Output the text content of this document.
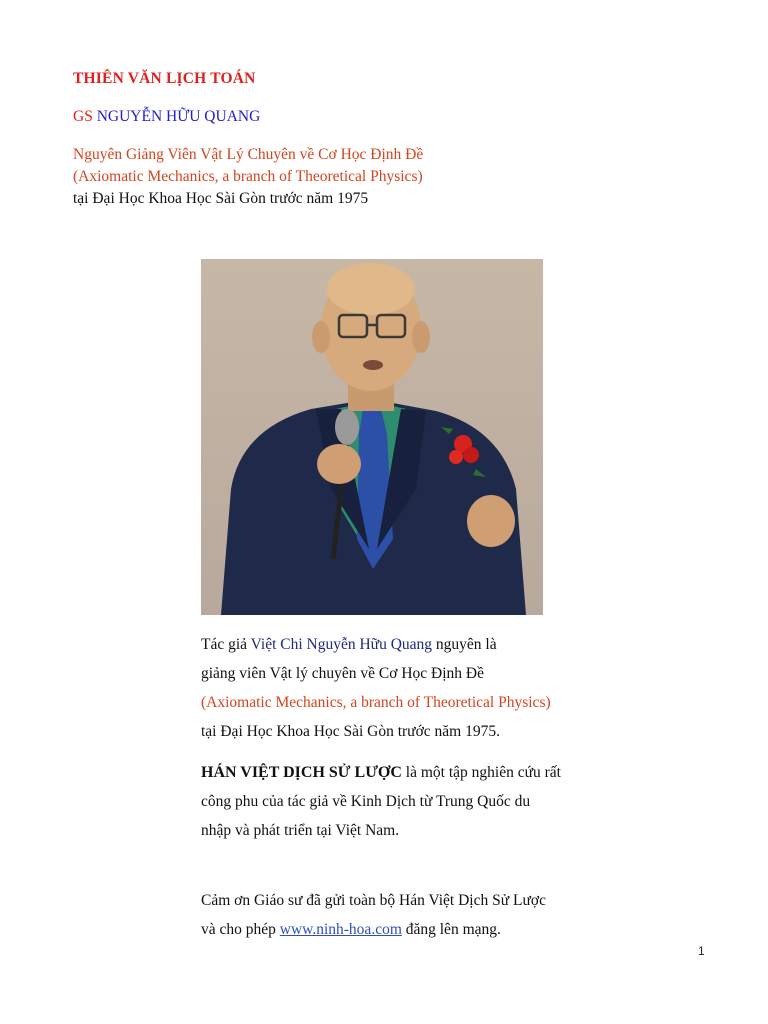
THIÊN VĂN LỊCH TOÁN

GS NGUYỄN HỮU QUANG

Nguyên Giảng Viên Vật Lý Chuyên về Cơ Học Định Đề
(Axiomatic Mechanics, a branch of Theoretical Physics)
tại Đại Học Khoa Học Sài Gòn trước năm 1975
Tác giả Việt Chi Nguyễn Hữu Quang nguyên là
giảng viên Vật lý chuyên về Cơ Học Định Đề
(Axiomatic Mechanics, a branch of Theoretical Physics)
tại Đại Học Khoa Học Sài Gòn trước năm 1975.
HÁN VIỆT DỊCH SỬ LƯỢC là một tập nghiên cứu rất
công phu của tác giả về Kinh Dịch từ Trung Quốc du
nhập và phát triển tại Việt Nam.
Cảm ơn Giáo sư đã gửi toàn bộ Hán Việt Dịch Sử Lược
và cho phép www.ninh-hoa.com đăng lên mạng.
1
